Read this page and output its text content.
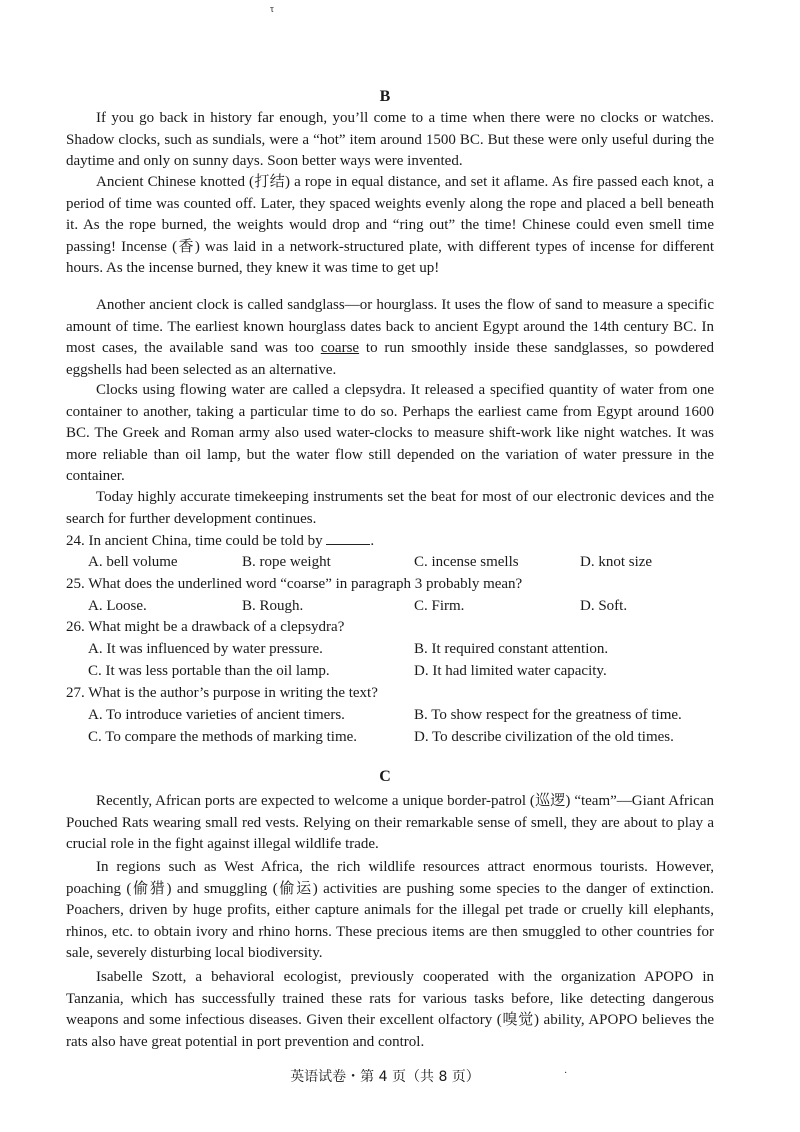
τ
B

If you go back in history far enough, you’ll come to a time when there were no clocks or watches. Shadow clocks, such as sundials, were a “hot” item around 1500 BC. But these were only useful during the daytime and only on sunny days. Soon better ways were invented.

Ancient Chinese knotted (打结) a rope in equal distance, and set it aflame. As fire passed each knot, a period of time was counted off. Later, they spaced weights evenly along the rope and placed a bell beneath it. As the rope burned, the weights would drop and “ring out” the time! Chinese could even smell time passing! Incense (香) was laid in a network-structured plate, with different types of incense for different hours. As the incense burned, they knew it was time to get up!

Another ancient clock is called sandglass—or hourglass. It uses the flow of sand to measure a specific amount of time. The earliest known hourglass dates back to ancient Egypt around the 14th century BC. In most cases, the available sand was too coarse to run smoothly inside these sandglasses, so powdered eggshells had been selected as an alternative.

Clocks using flowing water are called a clepsydra. It released a specified quantity of water from one container to another, taking a particular time to do so. Perhaps the earliest came from Egypt around 1600 BC. The Greek and Roman army also used water-clocks to measure shift-work like night watches. It was more reliable than oil lamp, but the water flow still depended on the variation of water pressure in the container.

Today highly accurate timekeeping instruments set the beat for most of our electronic devices and the search for further development continues.

24. In ancient China, time could be told by	.
A. bell volume	B. rope weight	C. incense smells	D. knot size
25. What does the underlined word “coarse” in paragraph 3 probably mean?
A. Loose.	B. Rough.	C. Firm.	D. Soft.
26. What might be a drawback of a clepsydra?
A. It was influenced by water pressure.	B. It required constant attention.
C. It was less portable than the oil lamp.	D. It had limited water capacity.
27. What is the author’s purpose in writing the text?
A. To introduce varieties of ancient timers.	B. To show respect for the greatness of time.
C. To compare the methods of marking time.	D. To describe civilization of the old times.
C

Recently, African ports are expected to welcome a unique border-patrol (巡逻) “team”—Giant African Pouched Rats wearing small red vests. Relying on their remarkable sense of smell, they are about to play a crucial role in the fight against illegal wildlife trade.

In regions such as West Africa, the rich wildlife resources attract enormous tourists. However, poaching (偷猎) and smuggling (偷运) activities are pushing some species to the danger of extinction. Poachers, driven by huge profits, either capture animals for the illegal pet trade or cruelly kill elephants, rhinos, etc. to obtain ivory and rhino horns. These precious items are then smuggled to other countries for sale, severely disturbing local biodiversity.

Isabelle Szott, a behavioral ecologist, previously cooperated with the organization APOPO in Tanzania, which has successfully trained these rats for various tasks before, like detecting dangerous weapons and some infectious diseases. Given their excellent olfactory (嗅觉) ability, APOPO believes the rats also have great potential in port prevention and control.

英语试卷・第 4 页（共 8 页）	·
